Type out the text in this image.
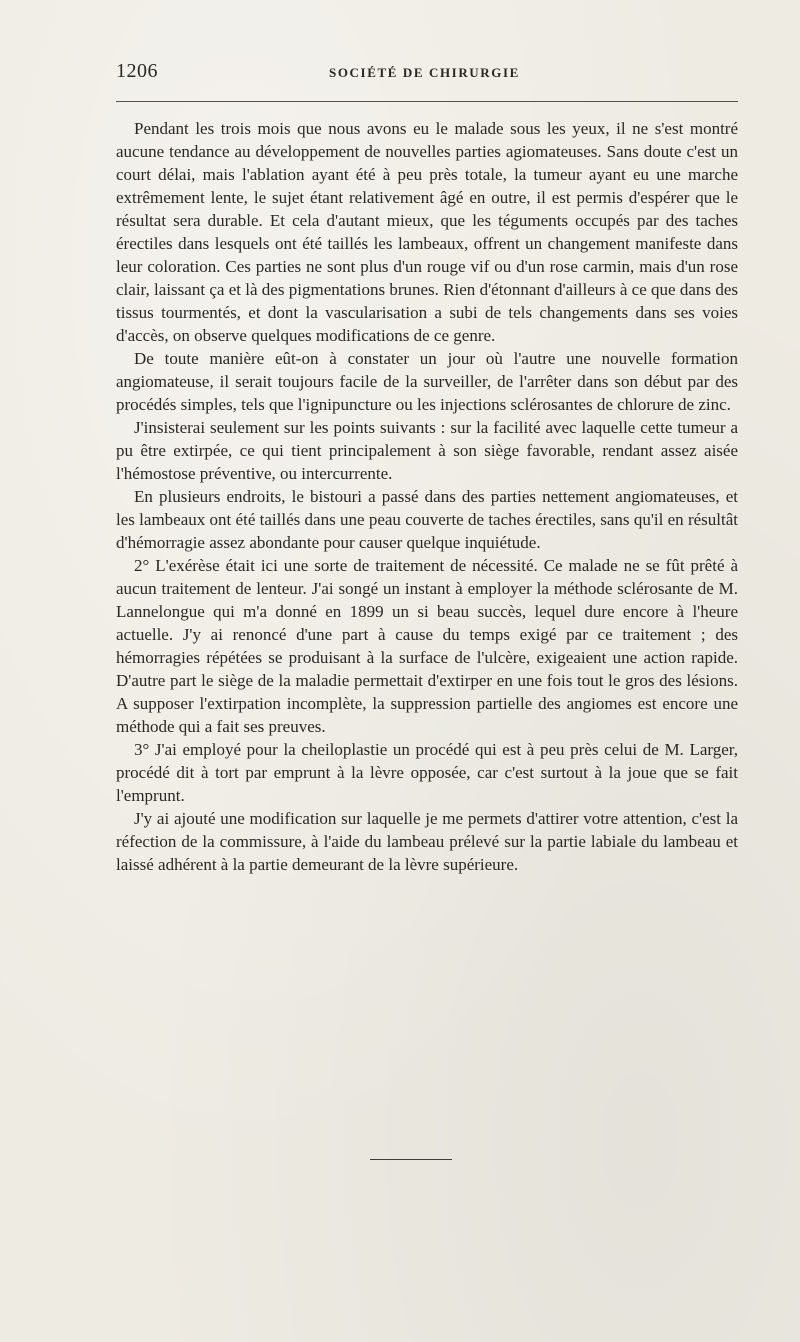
1206	SOCIÉTÉ DE CHIRURGIE

Pendant les trois mois que nous avons eu le malade sous les yeux, il ne s'est montré aucune tendance au développement de nouvelles parties agiomateuses. Sans doute c'est un court délai, mais l'ablation ayant été à peu près totale, la tumeur ayant eu une marche extrêmement lente, le sujet étant relativement âgé en outre, il est permis d'espérer que le résultat sera durable. Et cela d'autant mieux, que les téguments occupés par des taches érectiles dans lesquels ont été taillés les lambeaux, offrent un changement manifeste dans leur coloration. Ces parties ne sont plus d'un rouge vif ou d'un rose carmin, mais d'un rose clair, laissant ça et là des pigmentations brunes. Rien d'étonnant d'ailleurs à ce que dans des tissus tourmentés, et dont la vascularisation a subi de tels changements dans ses voies d'accès, on observe quelques modifications de ce genre.

De toute manière eût-on à constater un jour où l'autre une nouvelle formation angiomateuse, il serait toujours facile de la surveiller, de l'arrêter dans son début par des procédés simples, tels que l'ignipuncture ou les injections sclérosantes de chlorure de zinc.

J'insisterai seulement sur les points suivants : sur la facilité avec laquelle cette tumeur a pu être extirpée, ce qui tient principalement à son siège favorable, rendant assez aisée l'hémostose préventive, ou intercurrente.

En plusieurs endroits, le bistouri a passé dans des parties nettement angiomateuses, et les lambeaux ont été taillés dans une peau couverte de taches érectiles, sans qu'il en résultât d'hémorragie assez abondante pour causer quelque inquiétude.

2° L'exérèse était ici une sorte de traitement de nécessité. Ce malade ne se fût prêté à aucun traitement de lenteur. J'ai songé un instant à employer la méthode sclérosante de M. Lannelongue qui m'a donné en 1899 un si beau succès, lequel dure encore à l'heure actuelle. J'y ai renoncé d'une part à cause du temps exigé par ce traitement ; des hémorragies répétées se produisant à la surface de l'ulcère, exigeaient une action rapide. D'autre part le siège de la maladie permettait d'extirper en une fois tout le gros des lésions. A supposer l'extirpation incomplète, la suppression partielle des angiomes est encore une méthode qui a fait ses preuves.

3° J'ai employé pour la cheiloplastie un procédé qui est à peu près celui de M. Larger, procédé dit à tort par emprunt à la lèvre opposée, car c'est surtout à la joue que se fait l'emprunt.

J'y ai ajouté une modification sur laquelle je me permets d'attirer votre attention, c'est la réfection de la commissure, à l'aide du lambeau prélevé sur la partie labiale du lambeau et laissé adhérent à la partie demeurant de la lèvre supérieure.
